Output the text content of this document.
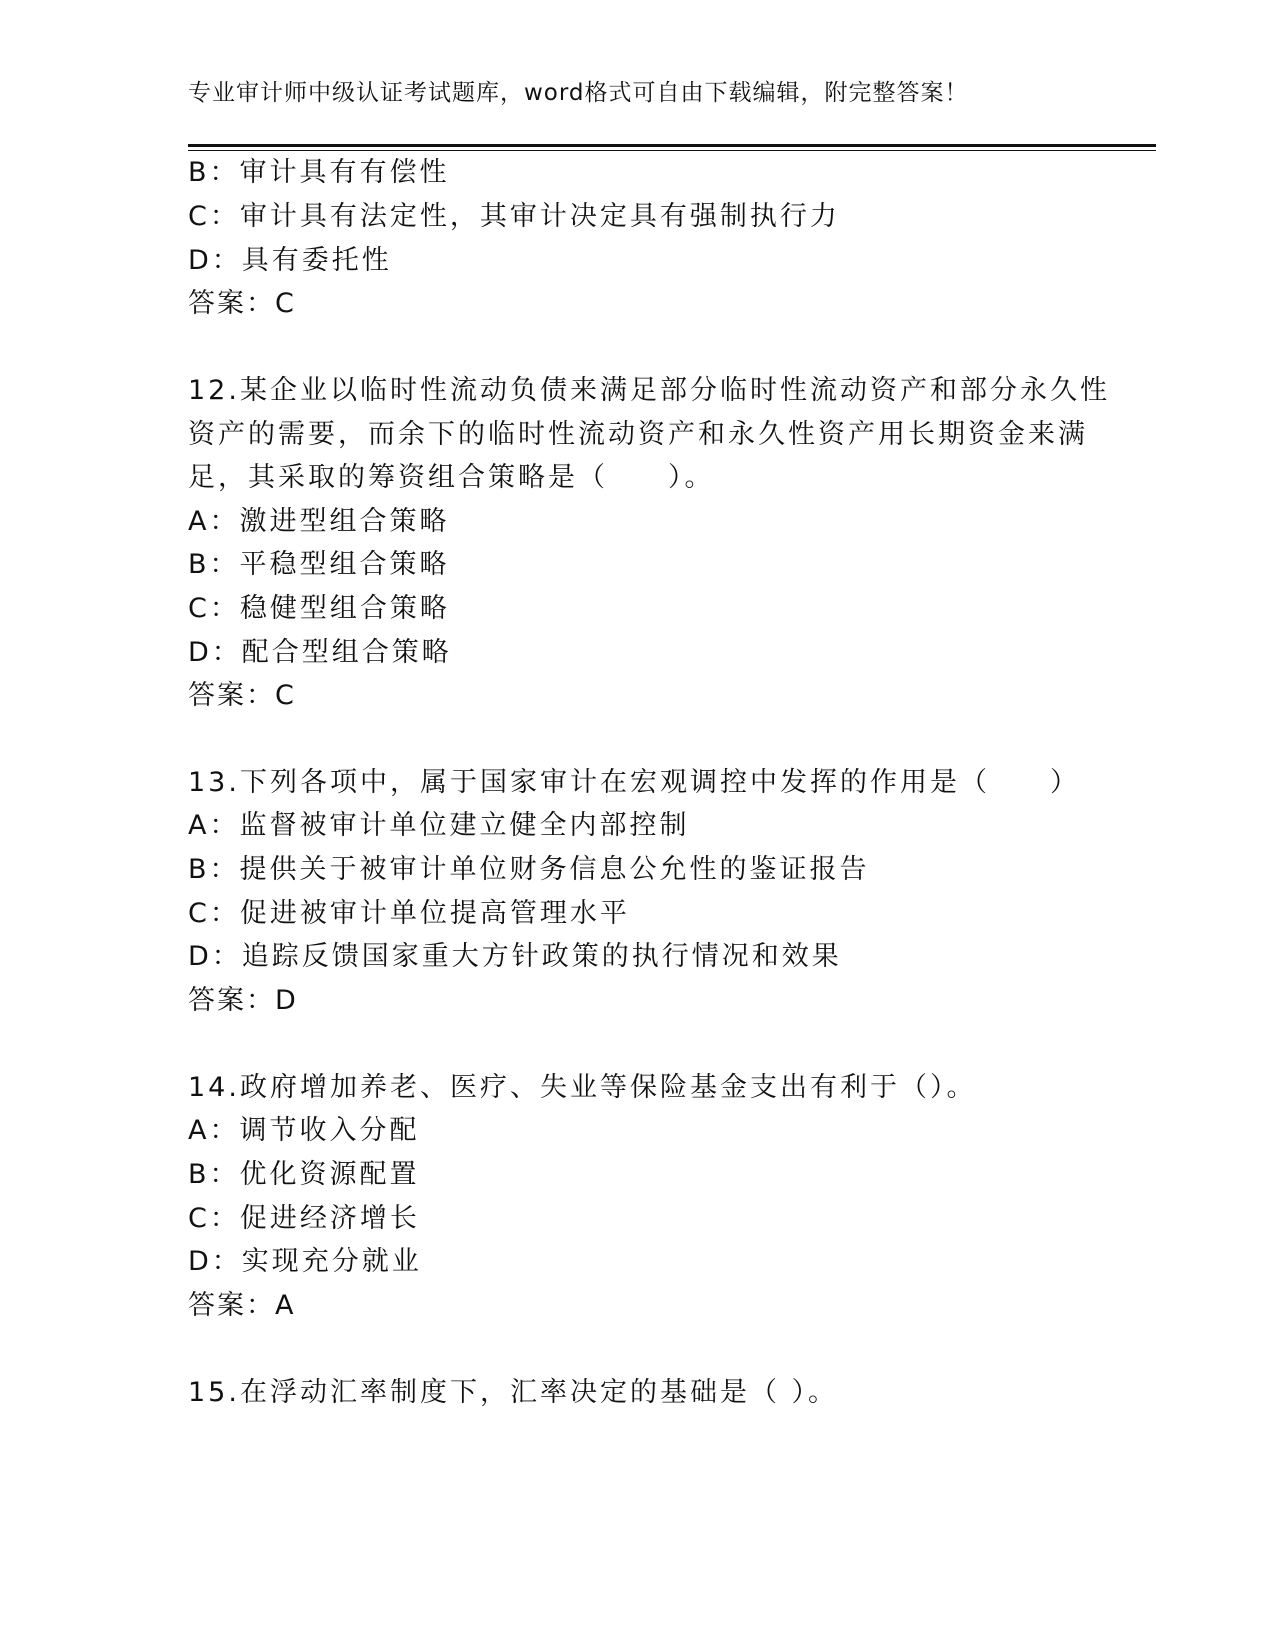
专业审计师中级认证考试题库，word格式可自由下载编辑，附完整答案！
B：审计具有有偿性
C：审计具有法定性，其审计决定具有强制执行力
D：具有委托性
答案：C
12.某企业以临时性流动负债来满足部分临时性流动资产和部分永久性
资产的需要，而余下的临时性流动资产和永久性资产用长期资金来满
足，其采取的筹资组合策略是（　　）。
A：激进型组合策略
B：平稳型组合策略
C：稳健型组合策略
D：配合型组合策略
答案：C
13.下列各项中，属于国家审计在宏观调控中发挥的作用是（　　）
A：监督被审计单位建立健全内部控制
B：提供关于被审计单位财务信息公允性的鉴证报告
C：促进被审计单位提高管理水平
D：追踪反馈国家重大方针政策的执行情况和效果
答案：D
14.政府增加养老、医疗、失业等保险基金支出有利于（）。
A：调节收入分配
B：优化资源配置
C：促进经济增长
D：实现充分就业
答案：A
15.在浮动汇率制度下，汇率决定的基础是（ ）。
